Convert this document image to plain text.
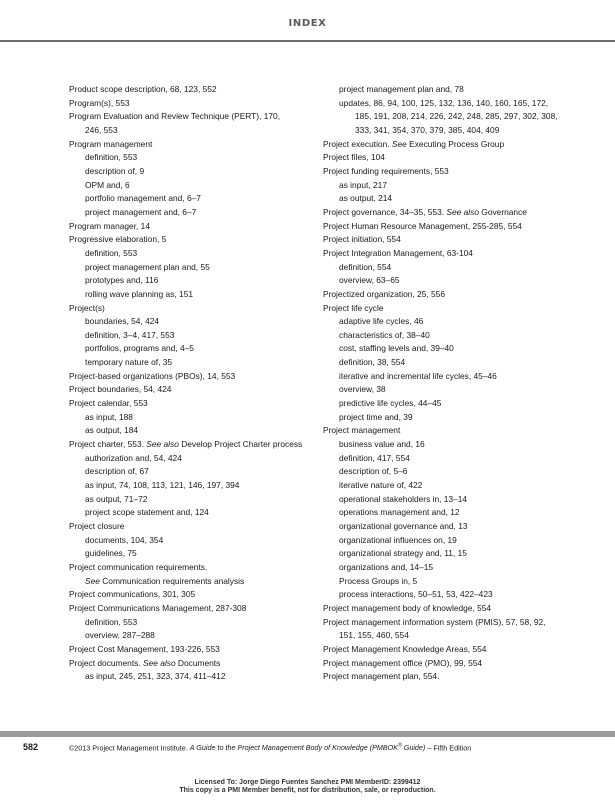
INDEX
Product scope description, 68, 123, 552
Program(s), 553
Program Evaluation and Review Technique (PERT), 170,
246, 553
Program management
definition, 553
description of, 9
OPM and, 6
portfolio management and, 6–7
project management and, 6–7
Program manager, 14
Progressive elaboration, 5
definition, 553
project management plan and, 55
prototypes and, 116
rolling wave planning as, 151
Project(s)
boundaries, 54, 424
definition, 3–4, 417, 553
portfolios, programs and, 4–5
temporary nature of, 35
Project-based organizations (PBOs), 14, 553
Project boundaries, 54, 424
Project calendar, 553
as input, 188
as output, 184
Project charter, 553. See also Develop Project Charter process
authorization and, 54, 424
description of, 67
as input, 74, 108, 113, 121, 146, 197, 394
as output, 71–72
project scope statement and, 124
Project closure
documents, 104, 354
guidelines, 75
Project communication requirements.
See Communication requirements analysis
Project communications, 301, 305
Project Communications Management, 287-308
definition, 553
overview, 287–288
Project Cost Management, 193-226, 553
Project documents. See also Documents
as input, 245, 251, 323, 374, 411–412
project management plan and, 78
updates, 86, 94, 100, 125, 132, 136, 140, 160, 165, 172,
185, 191, 208, 214, 226, 242, 248, 285, 297, 302, 308,
333, 341, 354, 370, 379, 385, 404, 409
Project execution. See Executing Process Group
Project files, 104
Project funding requirements, 553
as input, 217
as output, 214
Project governance, 34–35, 553. See also Governance
Project Human Resource Management, 255-285, 554
Project initiation, 554
Project Integration Management, 63-104
definition, 554
overview, 63–65
Projectized organization, 25, 556
Project life cycle
adaptive life cycles, 46
characteristics of, 38–40
cost, staffing levels and, 39–40
definition, 38, 554
iterative and incremental life cycles, 45–46
overview, 38
predictive life cycles, 44–45
project time and, 39
Project management
business value and, 16
definition, 417, 554
description of, 5–6
iterative nature of, 422
operational stakeholders in, 13–14
operations management and, 12
organizational governance and, 13
organizational influences on, 19
organizational strategy and, 11, 15
organizations and, 14–15
Process Groups in, 5
process interactions, 50–51, 53, 422–423
Project management body of knowledge, 554
Project management information system (PMIS), 57, 58, 92,
151, 155, 460, 554
Project Management Knowledge Areas, 554
Project management office (PMO), 99, 554
Project management plan, 554.
582	©2013 Project Management Institute. A Guide to the Project Management Body of Knowledge (PMBOK® Guide) – Fifth Edition
Licensed To: Jorge Diego Fuentes Sanchez PMI MemberID: 2399412
This copy is a PMI Member benefit, not for distribution, sale, or reproduction.
